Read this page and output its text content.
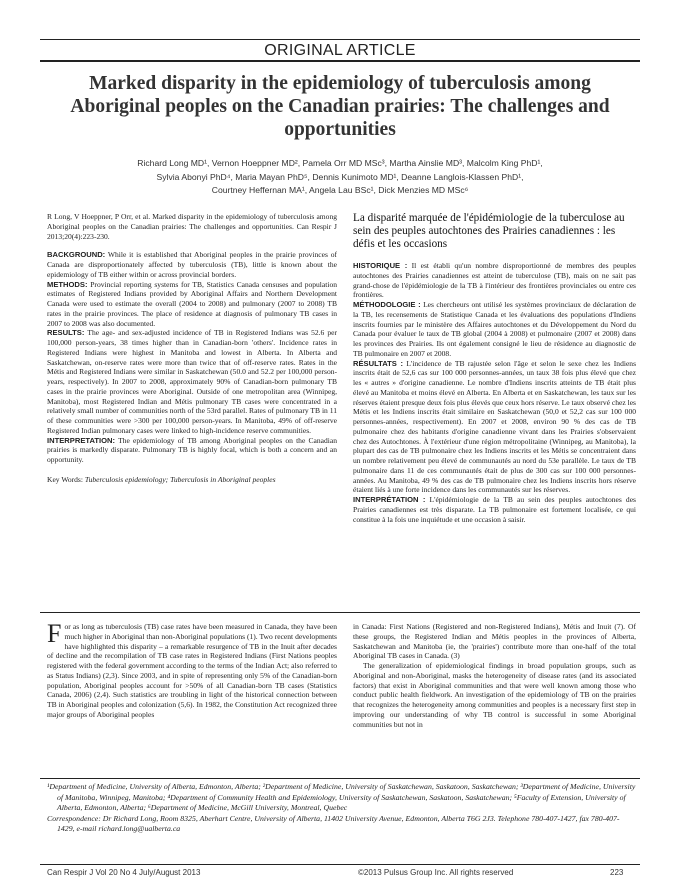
ORIGINAL ARTICLE
Marked disparity in the epidemiology of tuberculosis among Aboriginal peoples on the Canadian prairies: The challenges and opportunities
Richard Long MD¹, Vernon Hoeppner MD², Pamela Orr MD MSc³, Martha Ainslie MD³, Malcolm King PhD¹,
Sylvia Abonyi PhD⁴, Maria Mayan PhD⁵, Dennis Kunimoto MD¹, Deanne Langlois-Klassen PhD¹,
Courtney Heffernan MA¹, Angela Lau BSc¹, Dick Menzies MD MSc⁶

R Long, V Hoeppner, P Orr, et al. Marked disparity in the epidemiology of tuberculosis among Aboriginal peoples on the Canadian prairies: The challenges and opportunities. Can Respir J 2013;20(4):223-230.

BACKGROUND: While it is established that Aboriginal peoples in the prairie provinces of Canada are disproportionately affected by tuberculosis (TB), little is known about the epidemiology of TB either within or across provincial borders.

METHODS: Provincial reporting systems for TB, Statistics Canada censuses and population estimates of Registered Indians provided by Aboriginal Affairs and Northern Development Canada were used to estimate the overall (2004 to 2008) and pulmonary (2007 to 2008) TB rates in the prairie provinces. The place of residence at diagnosis of pulmonary TB cases in 2007 to 2008 was also documented.

RESULTS: The age- and sex-adjusted incidence of TB in Registered Indians was 52.6 per 100,000 person-years, 38 times higher than in Canadian-born 'others'. Incidence rates in Registered Indians were highest in Manitoba and lowest in Alberta. In Alberta and Saskatchewan, on-reserve rates were more than twice that of off-reserve rates. Rates in the Métis and Registered Indians were similar in Saskatchewan (50.0 and 52.2 per 100,000 person-years, respectively). In 2007 to 2008, approximately 90% of Canadian-born pulmonary TB cases in the prairie provinces were Aboriginal. Outside of one metropolitan area (Winnipeg, Manitoba), most Registered Indian and Métis pulmonary TB cases were concentrated in a relatively small number of communities north of the 53rd parallel. Rates of pulmonary TB in 11 of these communities were >300 per 100,000 person-years. In Manitoba, 49% of off-reserve Registered Indian pulmonary cases were linked to high-incidence reserve communities.

INTERPRETATION: The epidemiology of TB among Aboriginal peoples on the Canadian prairies is markedly disparate. Pulmonary TB is highly focal, which is both a concern and an opportunity.

Key Words: Tuberculosis epidemiology; Tuberculosis in Aboriginal peoples

La disparité marquée de l'épidémiologie de la tuberculose au sein des peuples autochtones des Prairies canadiennes : les défis et les occasions

HISTORIQUE : Il est établi qu'un nombre disproportionné de membres des peuples autochtones des Prairies canadiennes est atteint de tuberculose (TB), mais on ne sait pas grand-chose de l'épidémiologie de la TB à l'intérieur des frontières provinciales ou entre ces frontières.

MÉTHODOLOGIE : Les chercheurs ont utilisé les systèmes provinciaux de déclaration de la TB, les recensements de Statistique Canada et les évaluations des populations d'Indiens inscrits fournies par le ministère des Affaires autochtones et du Développement du Nord du Canada pour évaluer le taux de TB global (2004 à 2008) et pulmonaire (2007 et 2008) dans les provinces des Prairies. Ils ont également consigné le lieu de résidence au diagnostic de TB pulmonaire en 2007 et 2008.

RÉSULTATS : L'incidence de TB rajustée selon l'âge et selon le sexe chez les Indiens inscrits était de 52,6 cas sur 100 000 personnes-années, un taux 38 fois plus élevé que chez les « autres » d'origine canadienne. Le nombre d'Indiens inscrits atteints de TB était plus élevé au Manitoba et moins élevé en Alberta. En Alberta et en Saskatchewan, les taux sur les réserves étaient presque deux fois plus élevés que ceux hors réserve. Le taux observé chez les Métis et les Indiens inscrits était similaire en Saskatchewan (50,0 et 52,2 cas sur 100 000 personnes-années, respectivement). En 2007 et 2008, environ 90 % des cas de TB pulmonaire chez des habitants d'origine canadienne vivant dans les Prairies s'observaient chez des Autochtones. À l'extérieur d'une région métropolitaine (Winnipeg, au Manitoba), la plupart des cas de TB pulmonaire chez les Indiens inscrits et les Métis se concentraient dans un nombre relativement peu élevé de communautés au nord du 53e parallèle. Le taux de TB pulmonaire dans 11 de ces communautés était de plus de 300 cas sur 100 000 personnes-années. Au Manitoba, 49 % des cas de TB pulmonaire chez les Indiens inscrits hors réserve étaient liés à une forte incidence dans les communautés sur les réserves.

INTERPRÉTATION : L'épidémiologie de la TB au sein des peuples autochtones des Prairies canadiennes est très disparate. La TB pulmonaire est fortement localisée, ce qui constitue à la fois une inquiétude et une occasion à saisir.

For as long as tuberculosis (TB) case rates have been measured in Canada, they have been much higher in Aboriginal than non-Aboriginal populations (1). Two recent developments have highlighted this disparity – a remarkable resurgence of TB in the Inuit after decades of decline and the recompilation of TB case rates in Registered Indians (First Nations peoples registered with the federal government according to the terms of the Indian Act; also referred to as Status Indians) (2,3). Since 2003, and in spite of representing only 5% of the Canadian-born population, Aboriginal peoples account for >50% of all Canadian-born TB cases (Statistics Canada, 2006) (2,4). Such statistics are troubling in light of the historical connection between TB in Aboriginal peoples and colonization (5,6). In 1982, the Constitution Act recognized three major groups of Aboriginal peoples

in Canada: First Nations (Registered and non-Registered Indians), Métis and Inuit (7). Of these groups, the Registered Indian and Métis peoples in the provinces of Alberta, Saskatchewan and Manitoba (ie, the 'prairies') contribute more than one-half of the total Aboriginal TB cases in Canada. (3)

The generalization of epidemiological findings in broad population groups, such as Aboriginal and non-Aboriginal, masks the heterogeneity of disease rates (and its associated factors) that exist in Aboriginal communities and that were well known among those who conduct public health fieldwork. An investigation of the epidemiology of TB on the prairies that recognizes the heterogeneity among communities and peoples is a necessary first step in improving our understanding of why TB control is successful in some Aboriginal communities but not in

¹Department of Medicine, University of Alberta, Edmonton, Alberta; ²Department of Medicine, University of Saskatchewan, Saskatoon, Saskatchewan; ³Department of Medicine, University of Manitoba, Winnipeg, Manitoba; ⁴Department of Community Health and Epidemiology, University of Saskatchewan, Saskatoon, Saskatchewan; ⁵Faculty of Extension, University of Alberta, Edmonton, Alberta; ⁶Department of Medicine, McGill University, Montreal, Quebec

Correspondence: Dr Richard Long, Room 8325, Aberhart Centre, University of Alberta, 11402 University Avenue, Edmonton, Alberta T6G 2J3. Telephone 780-407-1427, fax 780-407-1429, e-mail richard.long@ualberta.ca

Can Respir J Vol 20 No 4 July/August 2013	©2013 Pulsus Group Inc. All rights reserved	223
